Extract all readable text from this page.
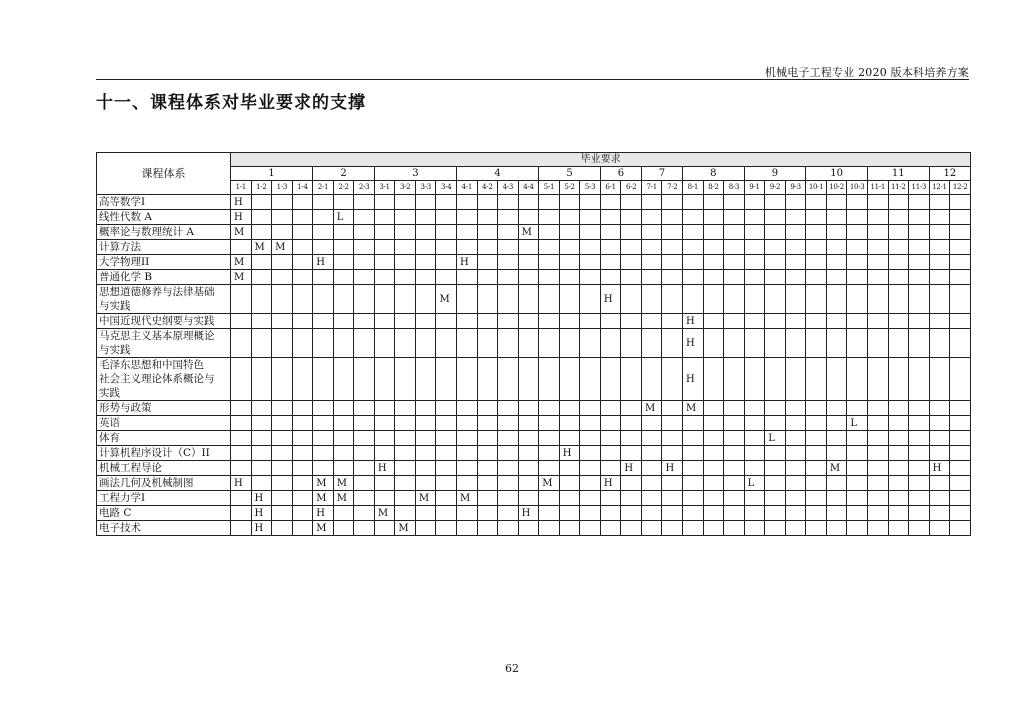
机械电子工程专业 2020 版本科培养方案
十一、课程体系对毕业要求的支撑
课程体系	毕业要求																																			
	1				2			3				4				5			6		7		8			9			10			11			12	
	1-1	1-2	1-3	1-4	2-1	2-2	2-3	3-1	3-2	3-3	3-4	4-1	4-2	4-3	4-4	5-1	5-2	5-3	6-1	6-2	7-1	7-2	8-1	8-2	8-3	9-1	9-2	9-3	10-1	10-2	10-3	11-1	11-2	11-3	12-1	12-2
高等数学I	H																																			
线性代数 A	H					L																														
概率论与数理统计 A	M														M																					
计算方法		M	M																																	
大学物理II	M				H							H																								
普通化学 B	M																																			
思想道德修养与法律基础
与实践											M								H																	
中国近现代史纲要与实践																							H													
马克思主义基本原理概论
与实践																							H													
毛泽东思想和中国特色
社会主义理论体系概论与
实践																							H													
形势与政策																					M		M													
英语																															L					
体育																											L									
计算机程序设计（C）II																	H																			
机械工程导论								H												H		H								M					H	
画法几何及机械制图	H				M	M										M			H							L										
工程力学I		H			M	M				M		M																								
电路 C		H			H			M							H																					
电子技术		H			M				M																											
62
